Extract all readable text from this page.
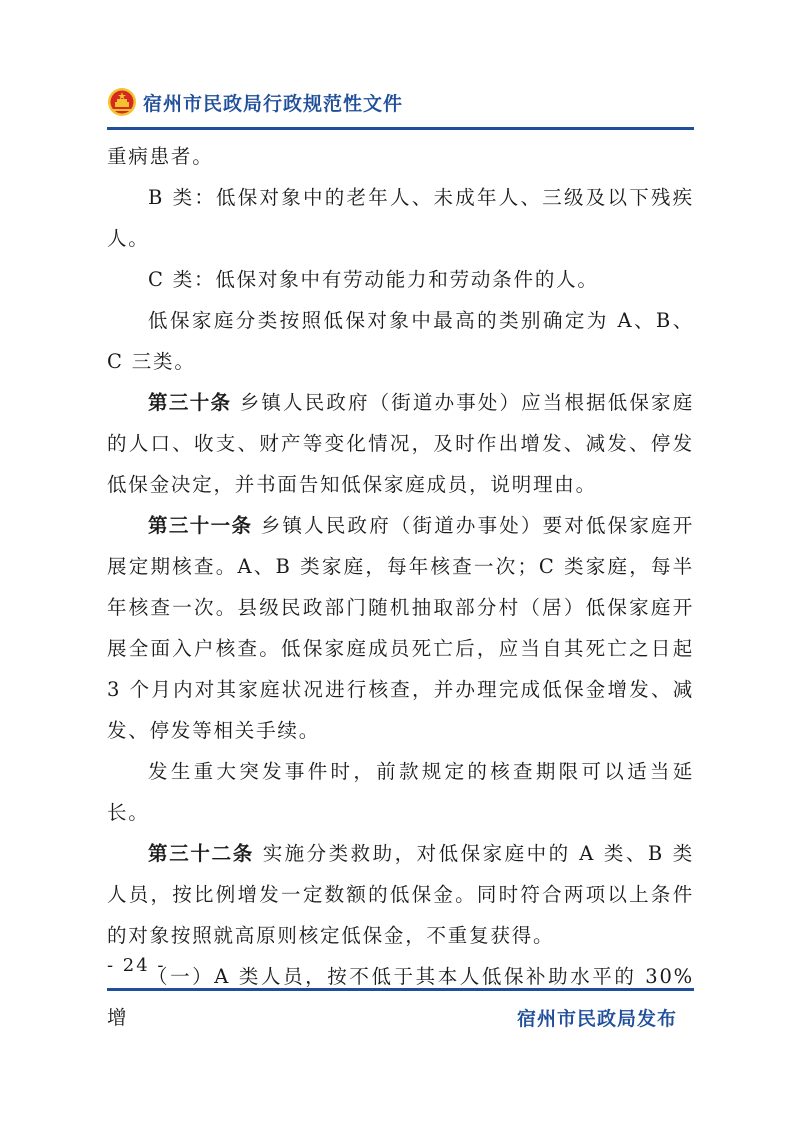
宿州市民政局行政规范性文件

重病患者。

B 类：低保对象中的老年人、未成年人、三级及以下残疾人。

C 类：低保对象中有劳动能力和劳动条件的人。

低保家庭分类按照低保对象中最高的类别确定为 A、B、C 三类。

第三十条 乡镇人民政府（街道办事处）应当根据低保家庭的人口、收支、财产等变化情况，及时作出增发、减发、停发低保金决定，并书面告知低保家庭成员，说明理由。

第三十一条 乡镇人民政府（街道办事处）要对低保家庭开展定期核查。A、B 类家庭，每年核查一次；C 类家庭，每半年核查一次。县级民政部门随机抽取部分村（居）低保家庭开展全面入户核查。低保家庭成员死亡后，应当自其死亡之日起 3 个月内对其家庭状况进行核查，并办理完成低保金增发、减发、停发等相关手续。

发生重大突发事件时，前款规定的核查期限可以适当延长。

第三十二条 实施分类救助，对低保家庭中的 A 类、B 类人员，按比例增发一定数额的低保金。同时符合两项以上条件的对象按照就高原则核定低保金，不重复获得。

（一）A 类人员，按不低于其本人低保补助水平的 30%增

- 24 -
宿州市民政局发布
